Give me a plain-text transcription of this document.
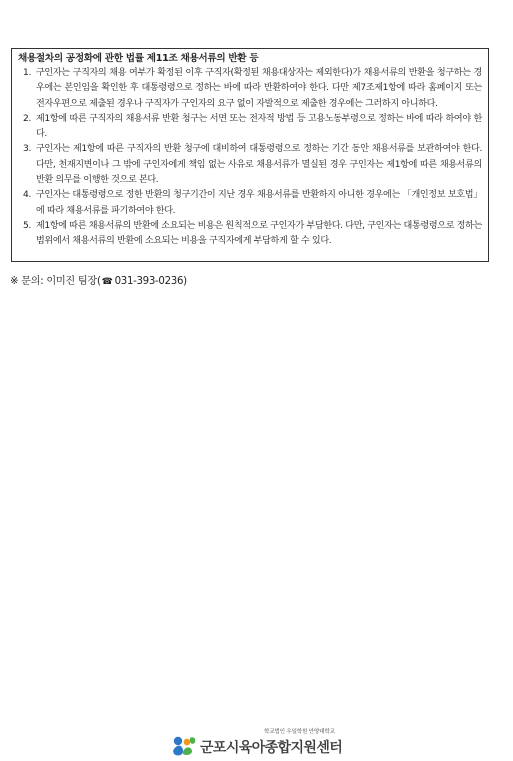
채용절차의 공정화에 관한 법률 제11조 채용서류의 반환 등
1. 구인자는 구직자의 채용 여부가 확정된 이후 구직자(확정된 채용대상자는 제외한다)가 채용서류의 반환을 청구하는 경우에는 본인임을 확인한 후 대통령령으로 정하는 바에 따라 반환하여야 한다. 다만 제7조제1항에 따라 홈페이지 또는 전자우편으로 제출된 경우나 구직자가 구인자의 요구 없이 자발적으로 제출한 경우에는 그러하지 아니하다.
2. 제1항에 따른 구직자의 채용서류 반환 청구는 서면 또는 전자적 방법 등 고용노동부령으로 정하는 바에 따라 하여야 한다.
3. 구인자는 제1항에 따른 구직자의 반환 청구에 대비하여 대통령령으로 정하는 기간 동안 채용서류를 보관하여야 한다. 다만, 천재지변이나 그 밖에 구인자에게 책임 없는 사유로 채용서류가 멸실된 경우 구인자는 제1항에 따른 채용서류의 반환 의무를 이행한 것으로 본다.
4. 구인자는 대통령령으로 정한 반환의 청구기간이 지난 경우 채용서류를 반환하지 아니한 경우에는 「개인정보 보호법」에 따라 채용서류를 파기하여야 한다.
5. 제1항에 따른 채용서류의 반환에 소요되는 비용은 원칙적으로 구인자가 부담한다. 다만, 구인자는 대통령령으로 정하는 범위에서 채용서류의 반환에 소요되는 비용을 구직자에게 부담하게 할 수 있다.
※ 문의: 이미진 팀장(☎ 031-393-0236)
학교법인 우일학원 안양대학교
군포시육아종합지원센터
